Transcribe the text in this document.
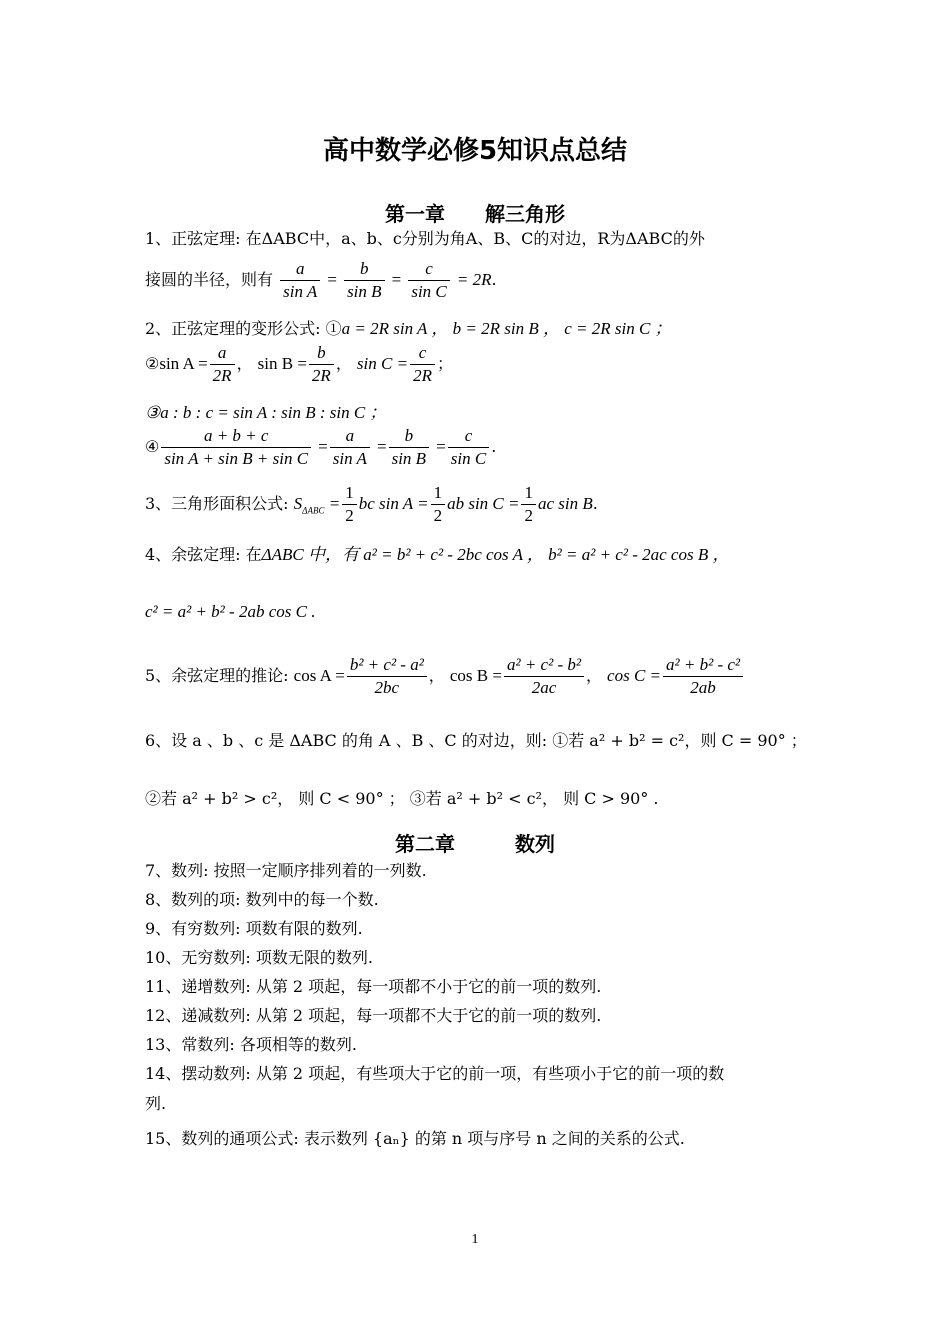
高中数学必修5知识点总结
第一章　　解三角形
1、正弦定理: 在ΔABC中，a、b、c分别为角A、B、C的对边，R为ΔABC的外
接圆的半径，则有 $\frac{a}{\text{sin A}} = \frac{b}{\text{sin B}} = \frac{c}{\text{sin C}} = 2R$.
2、正弦定理的变形公式: ①a = 2R sin A ， b = 2R sin B ， c = 2R sin C ；
②sin $A = \frac{a}{2R}$ ， $\sin B = \frac{b}{2R}$ ， $\sin C = \frac{c}{2R}$ ；
③a : b : c = sin A : sin B : sin C ；
④ $\frac{a + b + c}{\text{sin A + sin B + sin C}} = \frac{a}{\text{sin A}} = \frac{b}{\text{sin B}} = \frac{c}{\text{sin C}}$ .
3、三角形面积公式: $S_{\Delta ABC} = \frac{1}{2}$ bc $\sin A = \frac{1}{2}$ ab $\sin C = \frac{1}{2}$ ac sin B.
4、余弦定理: 在ΔABC 中，有 a² = b² + c² - 2bc cos A ， b² = a² + c² - 2ac cos B ，
c² = a² + b² - 2ab cos C .
5、余弦定理的推论: $\cos A = \frac{\text{b² + c² - a²}}{2bc}$ ， $\cos B = \frac{\text{a² + c² - b²}}{2ac}$ ， $\cos C = \frac{\text{a² + b² - c²}}{2ab}$
6、设 a 、b 、c 是 ΔABC 的角 A 、B 、C 的对边，则: ①若 a² + b² = c²，则 C = 90° ；
②若 a² + b² > c²， 则 C < 90° ； ③若 a² + b² < c²， 则 C > 90° .
第二章　　　数列
7、数列: 按照一定顺序排列着的一列数.
8、数列的项: 数列中的每一个数.
9、有穷数列: 项数有限的数列.
10、无穷数列: 项数无限的数列.
11、递增数列: 从第 2 项起，每一项都不小于它的前一项的数列.
12、递减数列: 从第 2 项起，每一项都不大于它的前一项的数列.
13、常数列: 各项相等的数列.
14、摆动数列: 从第 2 项起，有些项大于它的前一项，有些项小于它的前一项的数
列.
15、数列的通项公式: 表示数列 {aₙ} 的第 n 项与序号 n 之间的关系的公式.
1
